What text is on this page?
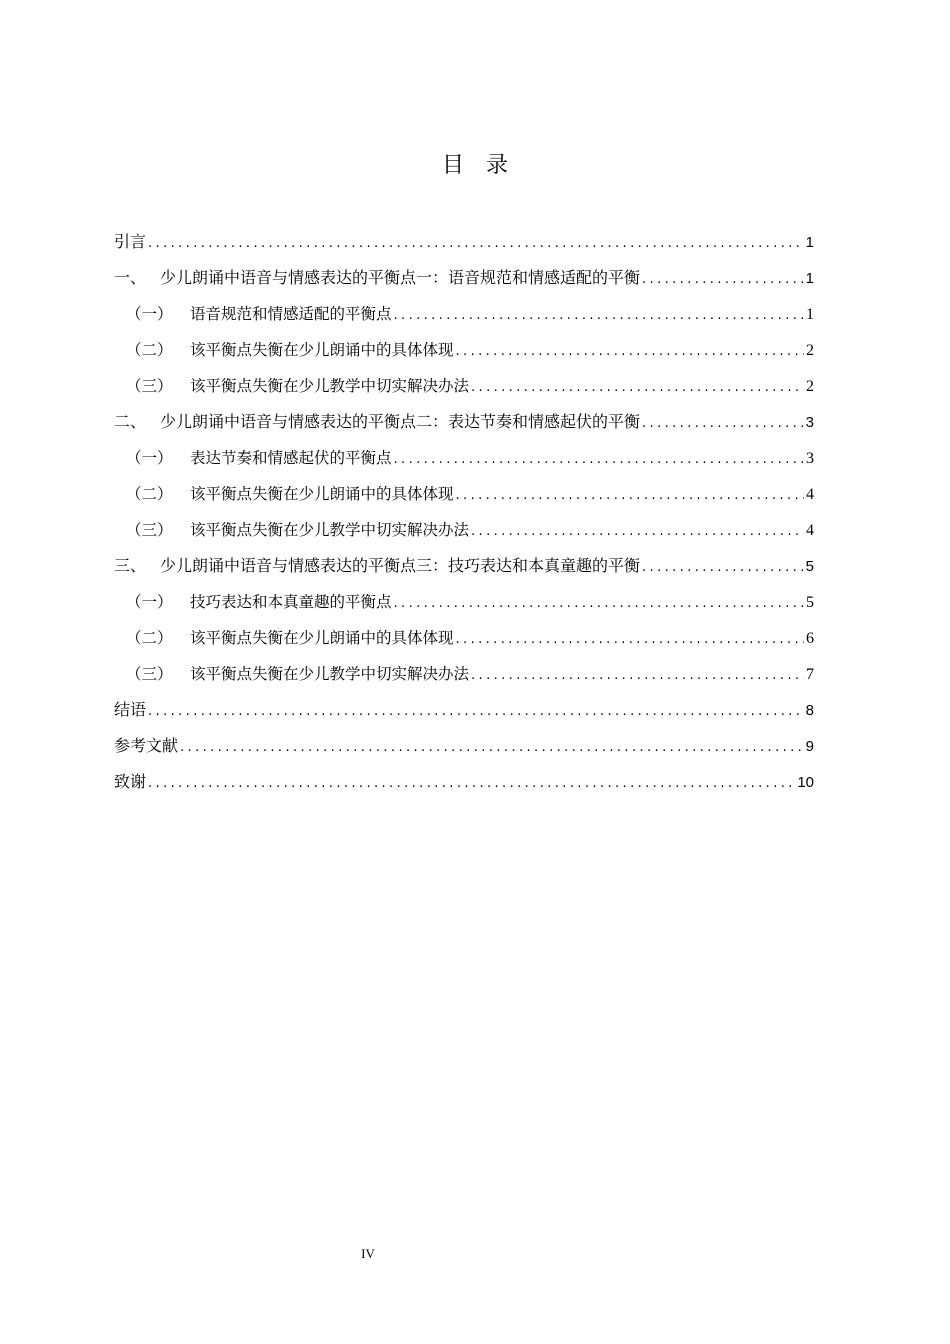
目录
引言 .....	1
一、 少儿朗诵中语音与情感表达的平衡点一：语音规范和情感适配的平衡 .....	1
（一）	语音规范和情感适配的平衡点 .....	1
（二）	该平衡点失衡在少儿朗诵中的具体体现 .....	2
（三）	该平衡点失衡在少儿教学中切实解决办法 .....	2
二、 少儿朗诵中语音与情感表达的平衡点二：表达节奏和情感起伏的平衡 .....	3
（一）	表达节奏和情感起伏的平衡点 .....	3
（二）	该平衡点失衡在少儿朗诵中的具体体现 .....	4
（三）	该平衡点失衡在少儿教学中切实解决办法 .....	4
三、 少儿朗诵中语音与情感表达的平衡点三：技巧表达和本真童趣的平衡 .....	5
（一）	技巧表达和本真童趣的平衡点 .....	5
（二）	该平衡点失衡在少儿朗诵中的具体体现 .....	6
（三）	该平衡点失衡在少儿教学中切实解决办法 .....	7
结语 .....	8
参考文献 .....	9
致谢 .....	10
IV
